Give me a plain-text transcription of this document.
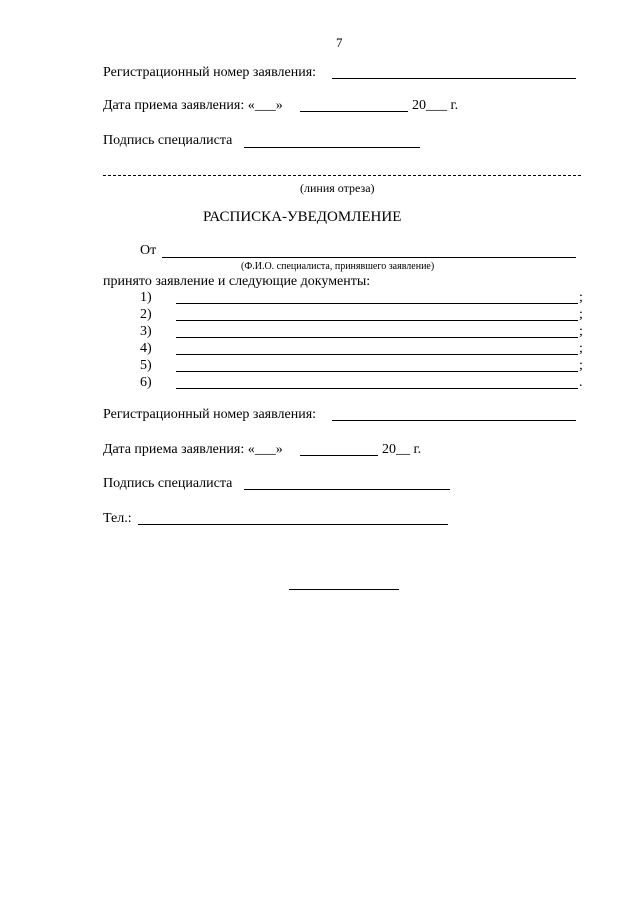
7
Регистрационный номер заявления:
Дата приема заявления: «___»	20___ г.
Подпись специалиста
(линия отреза)
РАСПИСКА-УВЕДОМЛЕНИЕ
От
(Ф.И.О. специалиста, принявшего заявление)
принято заявление и следующие документы:
1)	;
2)	;
3)	;
4)	;
5)	;
6)	.
Регистрационный номер заявления:
Дата приема заявления: «___»	20__ г.
Подпись специалиста
Тел.:
